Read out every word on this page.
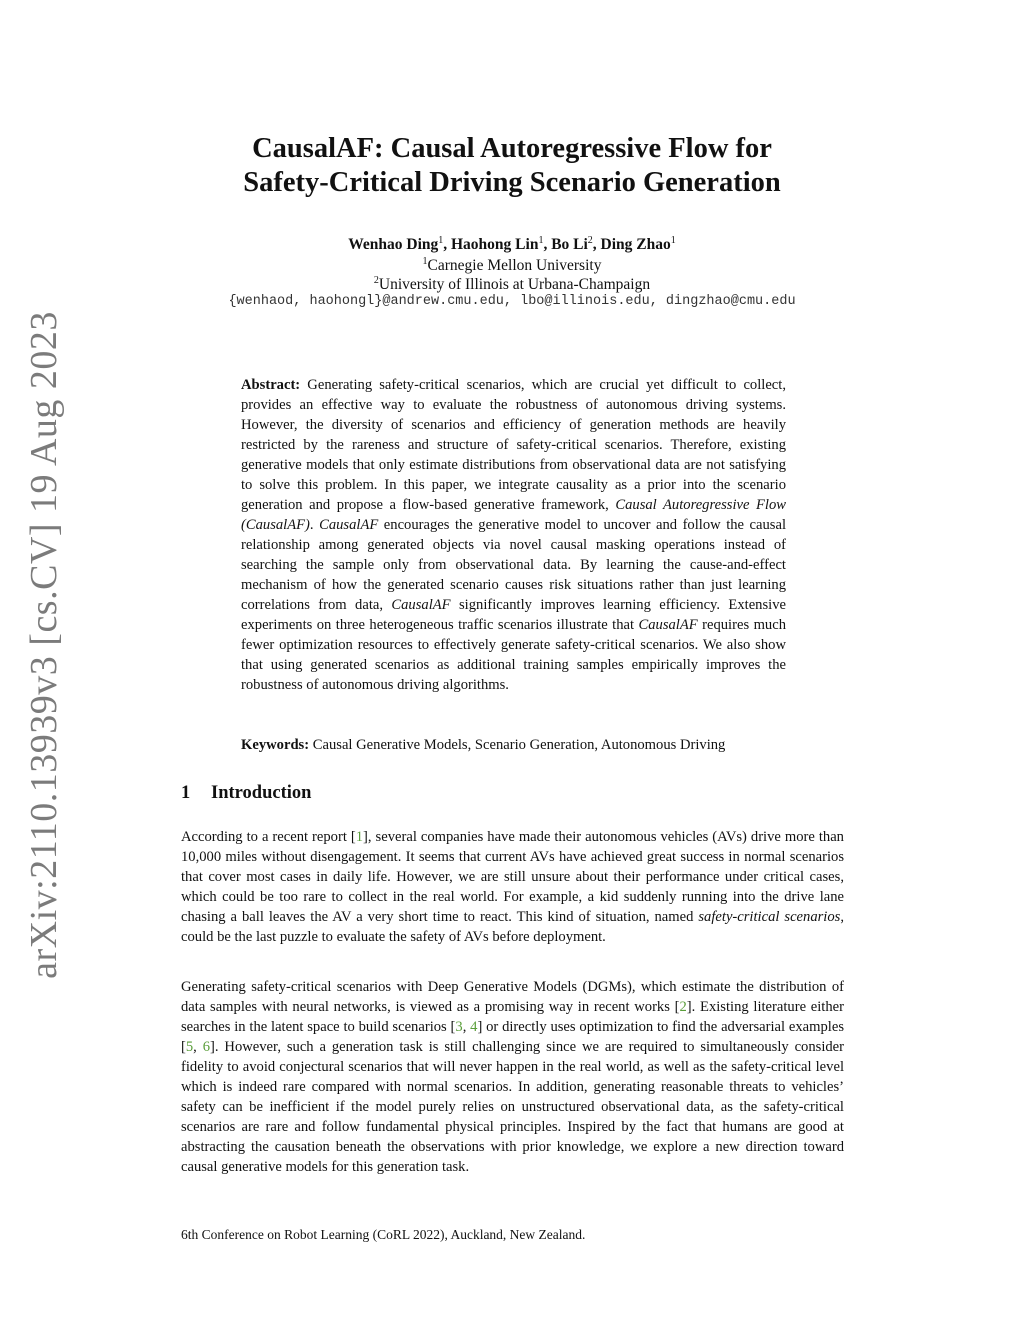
arXiv:2110.13939v3 [cs.CV] 19 Aug 2023
CausalAF: Causal Autoregressive Flow for
Safety-Critical Driving Scenario Generation
Wenhao Ding$^1$, Haohong Lin$^1$, Bo Li$^2$, Ding Zhao$^1$
$^1$Carnegie Mellon University
$^2$University of Illinois at Urbana-Champaign
{wenhaod, haohongl}@andrew.cmu.edu, lbo@illinois.edu, dingzhao@cmu.edu
Abstract: Generating safety-critical scenarios, which are crucial yet difficult to collect, provides an effective way to evaluate the robustness of autonomous driving systems. However, the diversity of scenarios and efficiency of generation methods are heavily restricted by the rareness and structure of safety-critical scenarios. Therefore, existing generative models that only estimate distributions from observational data are not satisfying to solve this problem. In this paper, we integrate causality as a prior into the scenario generation and propose a flow-based generative framework, Causal Autoregressive Flow (CausalAF). CausalAF encourages the generative model to uncover and follow the causal relationship among generated objects via novel causal masking operations instead of searching the sample only from observational data. By learning the cause-and-effect mechanism of how the generated scenario causes risk situations rather than just learning correlations from data, CausalAF significantly improves learning efficiency. Extensive experiments on three heterogeneous traffic scenarios illustrate that CausalAF requires much fewer optimization resources to effectively generate safety-critical scenarios. We also show that using generated scenarios as additional training samples empirically improves the robustness of autonomous driving algorithms.
Keywords: Causal Generative Models, Scenario Generation, Autonomous Driving
1 Introduction
According to a recent report [1], several companies have made their autonomous vehicles (AVs) drive more than 10,000 miles without disengagement. It seems that current AVs have achieved great success in normal scenarios that cover most cases in daily life. However, we are still unsure about their performance under critical cases, which could be too rare to collect in the real world. For example, a kid suddenly running into the drive lane chasing a ball leaves the AV a very short time to react. This kind of situation, named safety-critical scenarios, could be the last puzzle to evaluate the safety of AVs before deployment.
Generating safety-critical scenarios with Deep Generative Models (DGMs), which estimate the distribution of data samples with neural networks, is viewed as a promising way in recent works [2]. Existing literature either searches in the latent space to build scenarios [3, 4] or directly uses optimization to find the adversarial examples [5, 6]. However, such a generation task is still challenging since we are required to simultaneously consider fidelity to avoid conjectural scenarios that will never happen in the real world, as well as the safety-critical level which is indeed rare compared with normal scenarios. In addition, generating reasonable threats to vehicles’ safety can be inefficient if the model purely relies on unstructured observational data, as the safety-critical scenarios are rare and follow fundamental physical principles. Inspired by the fact that humans are good at abstracting the causation beneath the observations with prior knowledge, we explore a new direction toward causal generative models for this generation task.
6th Conference on Robot Learning (CoRL 2022), Auckland, New Zealand.
